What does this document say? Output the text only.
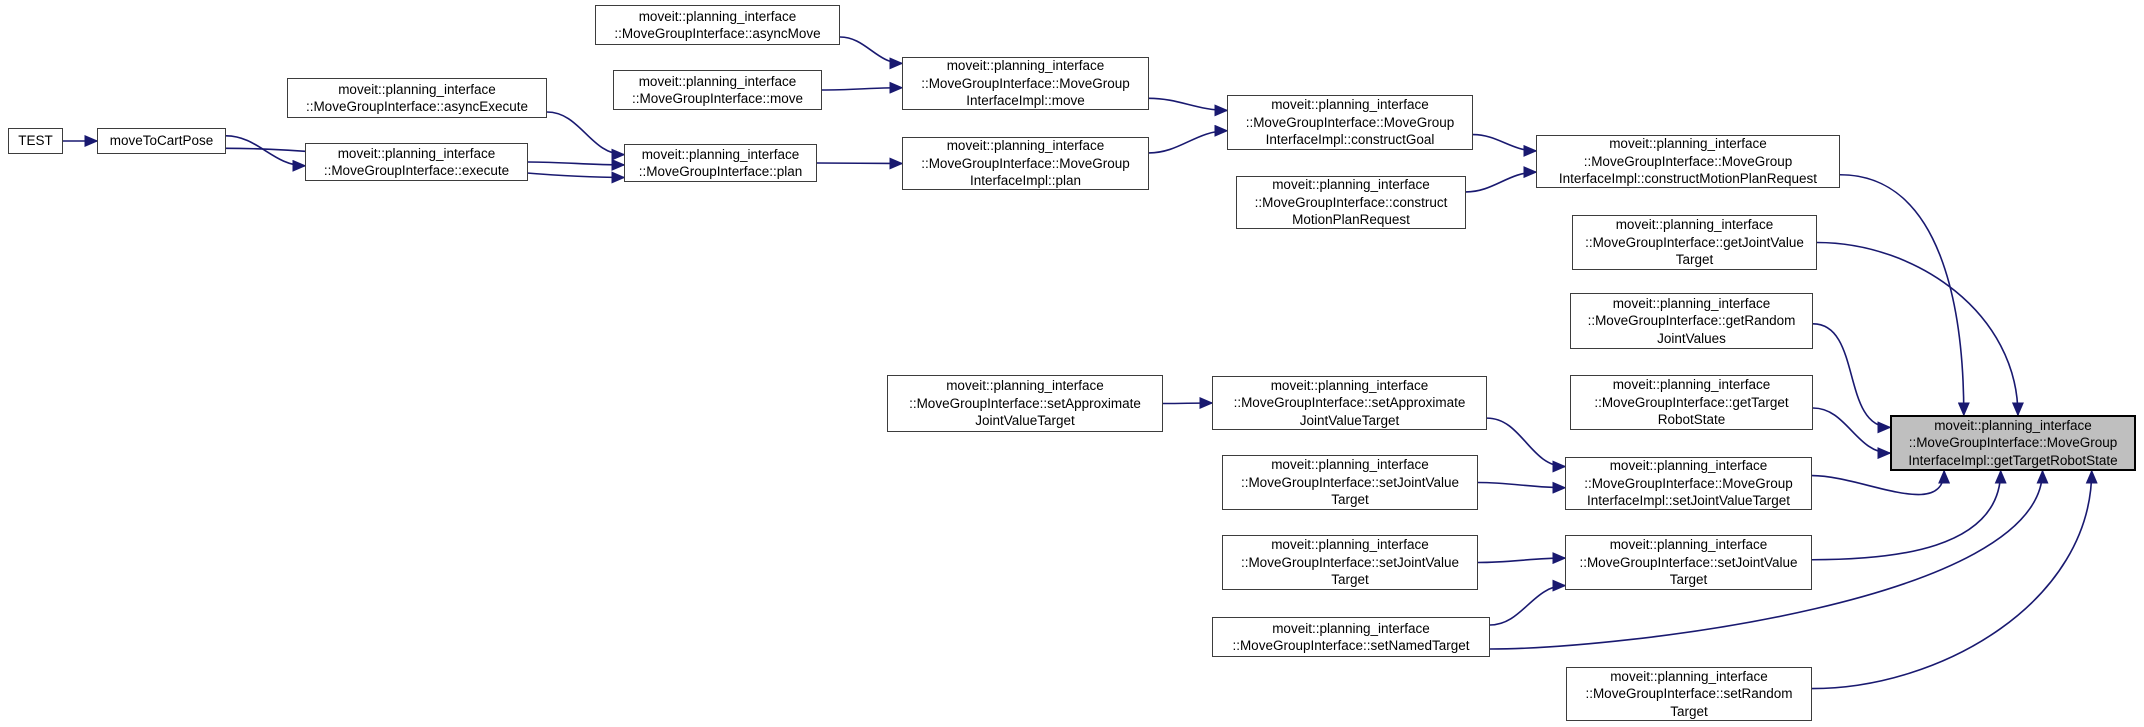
TEST	moveToCartPose
moveit::planning_interface
::MoveGroupInterface::asyncExecute
moveit::planning_interface
::MoveGroupInterface::execute
moveit::planning_interface
::MoveGroupInterface::asyncMove
moveit::planning_interface
::MoveGroupInterface::move
moveit::planning_interface
::MoveGroupInterface::plan
moveit::planning_interface
::MoveGroupInterface::MoveGroup
InterfaceImpl::move
moveit::planning_interface
::MoveGroupInterface::MoveGroup
InterfaceImpl::plan
moveit::planning_interface
::MoveGroupInterface::MoveGroup
InterfaceImpl::constructGoal
moveit::planning_interface
::MoveGroupInterface::construct
MotionPlanRequest
moveit::planning_interface
::MoveGroupInterface::MoveGroup
InterfaceImpl::constructMotionPlanRequest
moveit::planning_interface
::MoveGroupInterface::getJointValue
Target
moveit::planning_interface
::MoveGroupInterface::getRandom
JointValues
moveit::planning_interface
::MoveGroupInterface::getTarget
RobotState	moveit::planning_interface
::MoveGroupInterface::MoveGroup
InterfaceImpl::getTargetRobotState
moveit::planning_interface
::MoveGroupInterface::setApproximate
JointValueTarget
moveit::planning_interface
::MoveGroupInterface::setApproximate
JointValueTarget
moveit::planning_interface
::MoveGroupInterface::setJointValue
Target
moveit::planning_interface
::MoveGroupInterface::MoveGroup
InterfaceImpl::setJointValueTarget
moveit::planning_interface
::MoveGroupInterface::setJointValue
Target
moveit::planning_interface
::MoveGroupInterface::setJointValue
Target
moveit::planning_interface
::MoveGroupInterface::setNamedTarget
moveit::planning_interface
::MoveGroupInterface::setRandom
Target
